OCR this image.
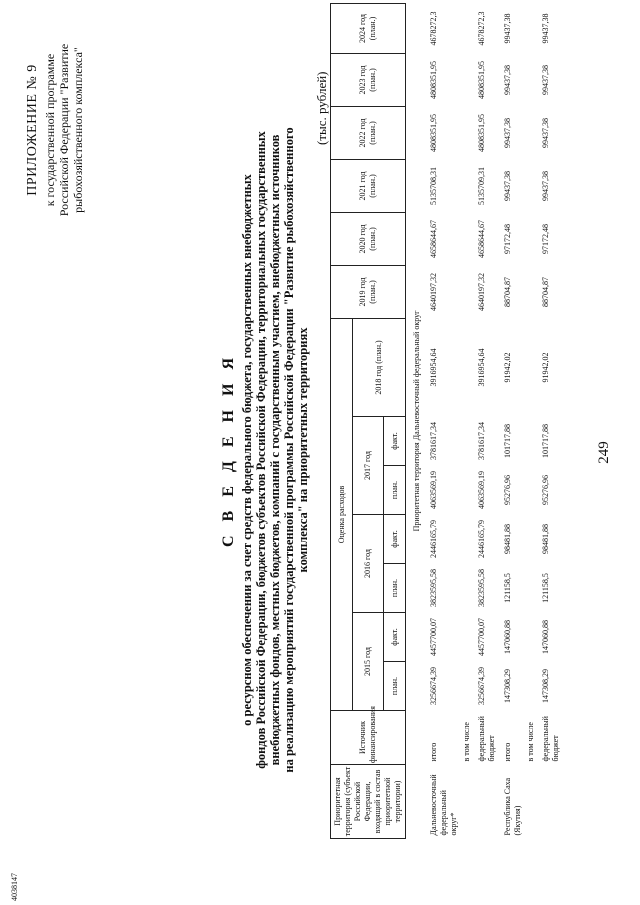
4038147
249
ПРИЛОЖЕНИЕ № 9 к государственной программе Российской Федерации "Развитие рыбохозяйственного комплекса"
С В Е Д Е Н И Я о ресурсном обеспечении за счет средств федерального бюджета, государственных внебюджетных фондов Российской Федерации, бюджетов субъектов Российской Федерации, территориальных государственных внебюджетных фондов, местных бюджетов, компаний с государственным участием, внебюджетных источников на реализацию мероприятий государственной программы Российской Федерации "Развитие рыбохозяйственного комплекса" на приоритетных территориях
(тыс. рублей)
Приоритетная территория (субъект Российской Федерации, входящий в состав приоритетной территории)	Источник финансирования	Оценка расходов							2019 год (план.)	2020 год (план.)	2021 год (план.)	2022 год (план.)	2023 год (план.)	2024 год (план.)
		2015 год		2016 год		2017 год		2018 год (план.)						
		план.	факт.	план.	факт.	план.	факт.							
Приоритетная территория Дальневосточный федеральный округ														
Дальневосточный федеральный округ*	итого	3256674,39	4457700,07	3823595,58	2446165,79	4063569,19	3781617,34	3916954,64	4640197,32	4658644,67	5135708,31	4808351,95	4808351,95	4678272,3
	в том числе													
	федеральный бюджет	3256674,39	4457700,07	3823595,58	2446165,79	4063569,19	3781617,34	3916954,64	4640197,32	4658644,67	5135709,31	4808351,95	4808351,95	4678272,3
Республика Саха (Якутия)	итого	147308,29	147060,88	121158,5	98481,88	95276,96	101717,88	91942,02	88704,87	97172,48	99437,38	99437,38	99437,38	99437,38
	в том числе													
	федеральный бюджет	147308,29	147060,88	121158,5	98481,88	95276,96	101717,88	91942,02	88704,87	97172,48	99437,38	99437,38	99437,38	99437,38
